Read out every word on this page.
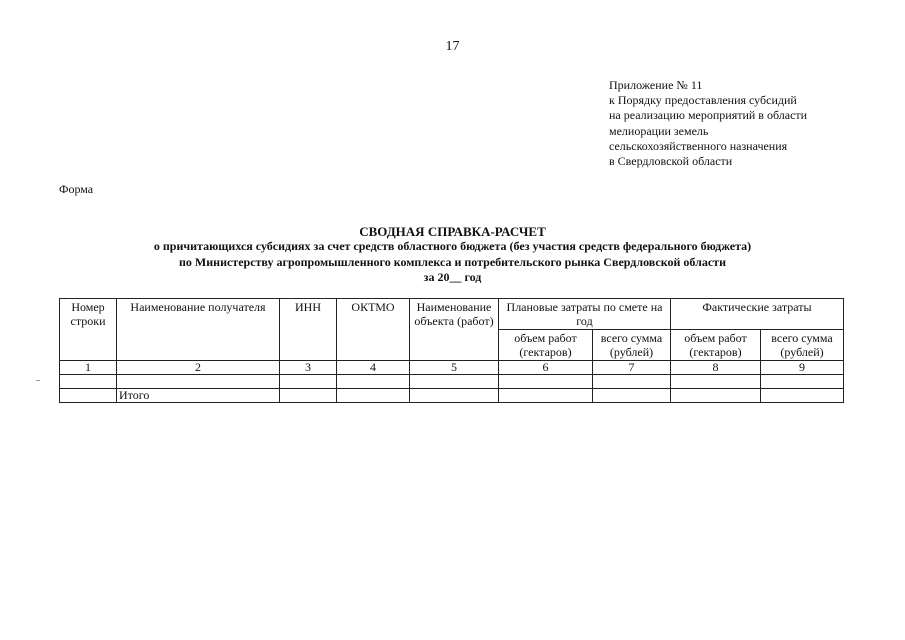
17
Приложение № 11
к Порядку предоставления субсидий
на реализацию мероприятий в области
мелиорации земель
сельскохозяйственного назначения
в Свердловской области
Форма
СВОДНАЯ СПРАВКА-РАСЧЕТ
о причитающихся субсидиях за счет средств областного бюджета (без участия средств федерального бюджета)
по Министерству агропромышленного комплекса и потребительского рынка Свердловской области
за 20__ год
Номер строки	Наименование получателя	ИНН	ОКТМО	Наименование объекта (работ)	Плановые затраты по смете на год		Фактические затраты	
					объем работ (гектаров)	всего сумма (рублей)	объем работ (гектаров)	всего сумма (рублей)
1	2	3	4	5	6	7	8	9

	Итого							
